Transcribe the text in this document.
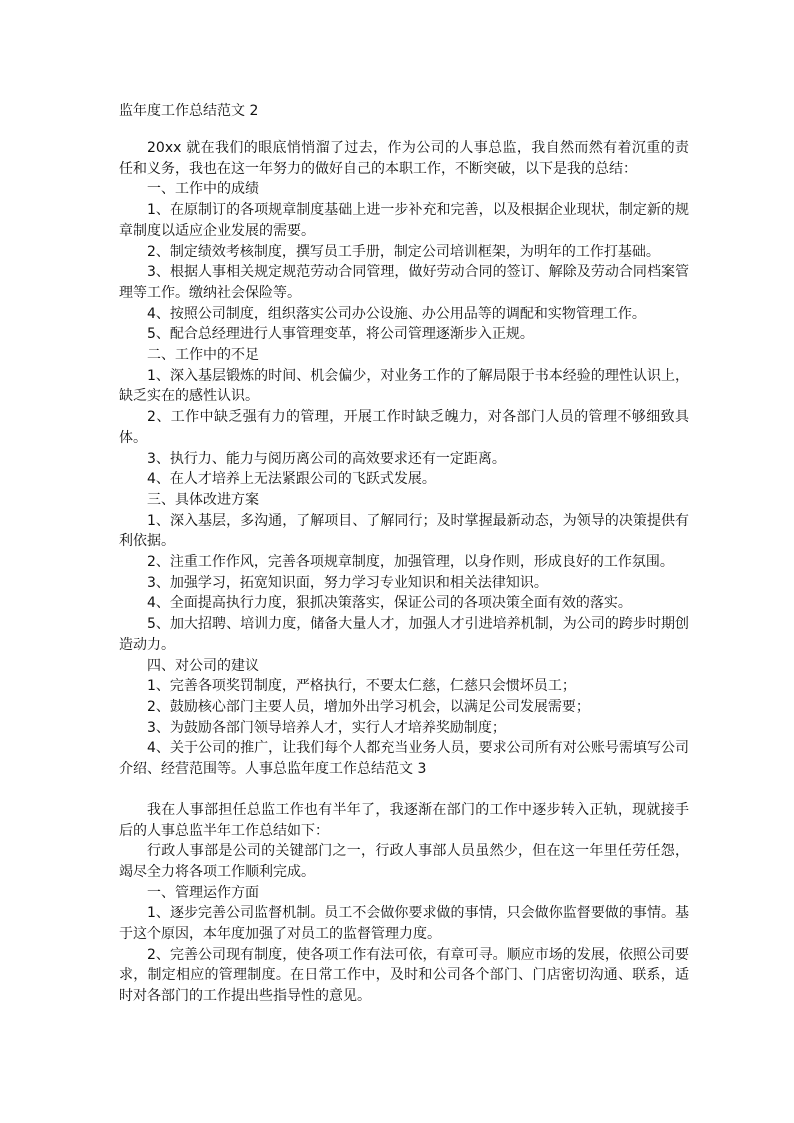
监年度工作总结范文 2

20xx 就在我们的眼底悄悄溜了过去，作为公司的人事总监，我自然而然有着沉重的责任和义务，我也在这一年努力的做好自己的本职工作，不断突破，以下是我的总结：

一、工作中的成绩

1、在原制订的各项规章制度基础上进一步补充和完善，以及根据企业现状，制定新的规章制度以适应企业发展的需要。

2、制定绩效考核制度，撰写员工手册，制定公司培训框架，为明年的工作打基础。

3、根据人事相关规定规范劳动合同管理，做好劳动合同的签订、解除及劳动合同档案管理等工作。缴纳社会保险等。

4、按照公司制度，组织落实公司办公设施、办公用品等的调配和实物管理工作。

5、配合总经理进行人事管理变革，将公司管理逐渐步入正规。

二、工作中的不足

1、深入基层锻炼的时间、机会偏少，对业务工作的了解局限于书本经验的理性认识上，缺乏实在的感性认识。

2、工作中缺乏强有力的管理，开展工作时缺乏魄力，对各部门人员的管理不够细致具体。

3、执行力、能力与阅历离公司的高效要求还有一定距离。

4、在人才培养上无法紧跟公司的飞跃式发展。

三、具体改进方案

1、深入基层，多沟通，了解项目、了解同行；及时掌握最新动态，为领导的决策提供有利依据。

2、注重工作作风，完善各项规章制度，加强管理，以身作则，形成良好的工作氛围。

3、加强学习，拓宽知识面，努力学习专业知识和相关法律知识。

4、全面提高执行力度，狠抓决策落实，保证公司的各项决策全面有效的落实。

5、加大招聘、培训力度，储备大量人才，加强人才引进培养机制，为公司的跨步时期创造动力。

四、对公司的建议

1、完善各项奖罚制度，严格执行，不要太仁慈，仁慈只会惯坏员工；

2、鼓励核心部门主要人员，增加外出学习机会，以满足公司发展需要；

3、为鼓励各部门领导培养人才，实行人才培养奖励制度；

4、关于公司的推广，让我们每个人都充当业务人员，要求公司所有对公账号需填写公司介绍、经营范围等。人事总监年度工作总结范文 3

我在人事部担任总监工作也有半年了，我逐渐在部门的工作中逐步转入正轨，现就接手后的人事总监半年工作总结如下：

行政人事部是公司的关键部门之一，行政人事部人员虽然少，但在这一年里任劳任怨，竭尽全力将各项工作顺利完成。

一、管理运作方面

1、逐步完善公司监督机制。员工不会做你要求做的事情，只会做你监督要做的事情。基于这个原因，本年度加强了对员工的监督管理力度。

2、完善公司现有制度，使各项工作有法可依，有章可寻。顺应市场的发展，依照公司要求，制定相应的管理制度。在日常工作中，及时和公司各个部门、门店密切沟通、联系，适时对各部门的工作提出些指导性的意见。
